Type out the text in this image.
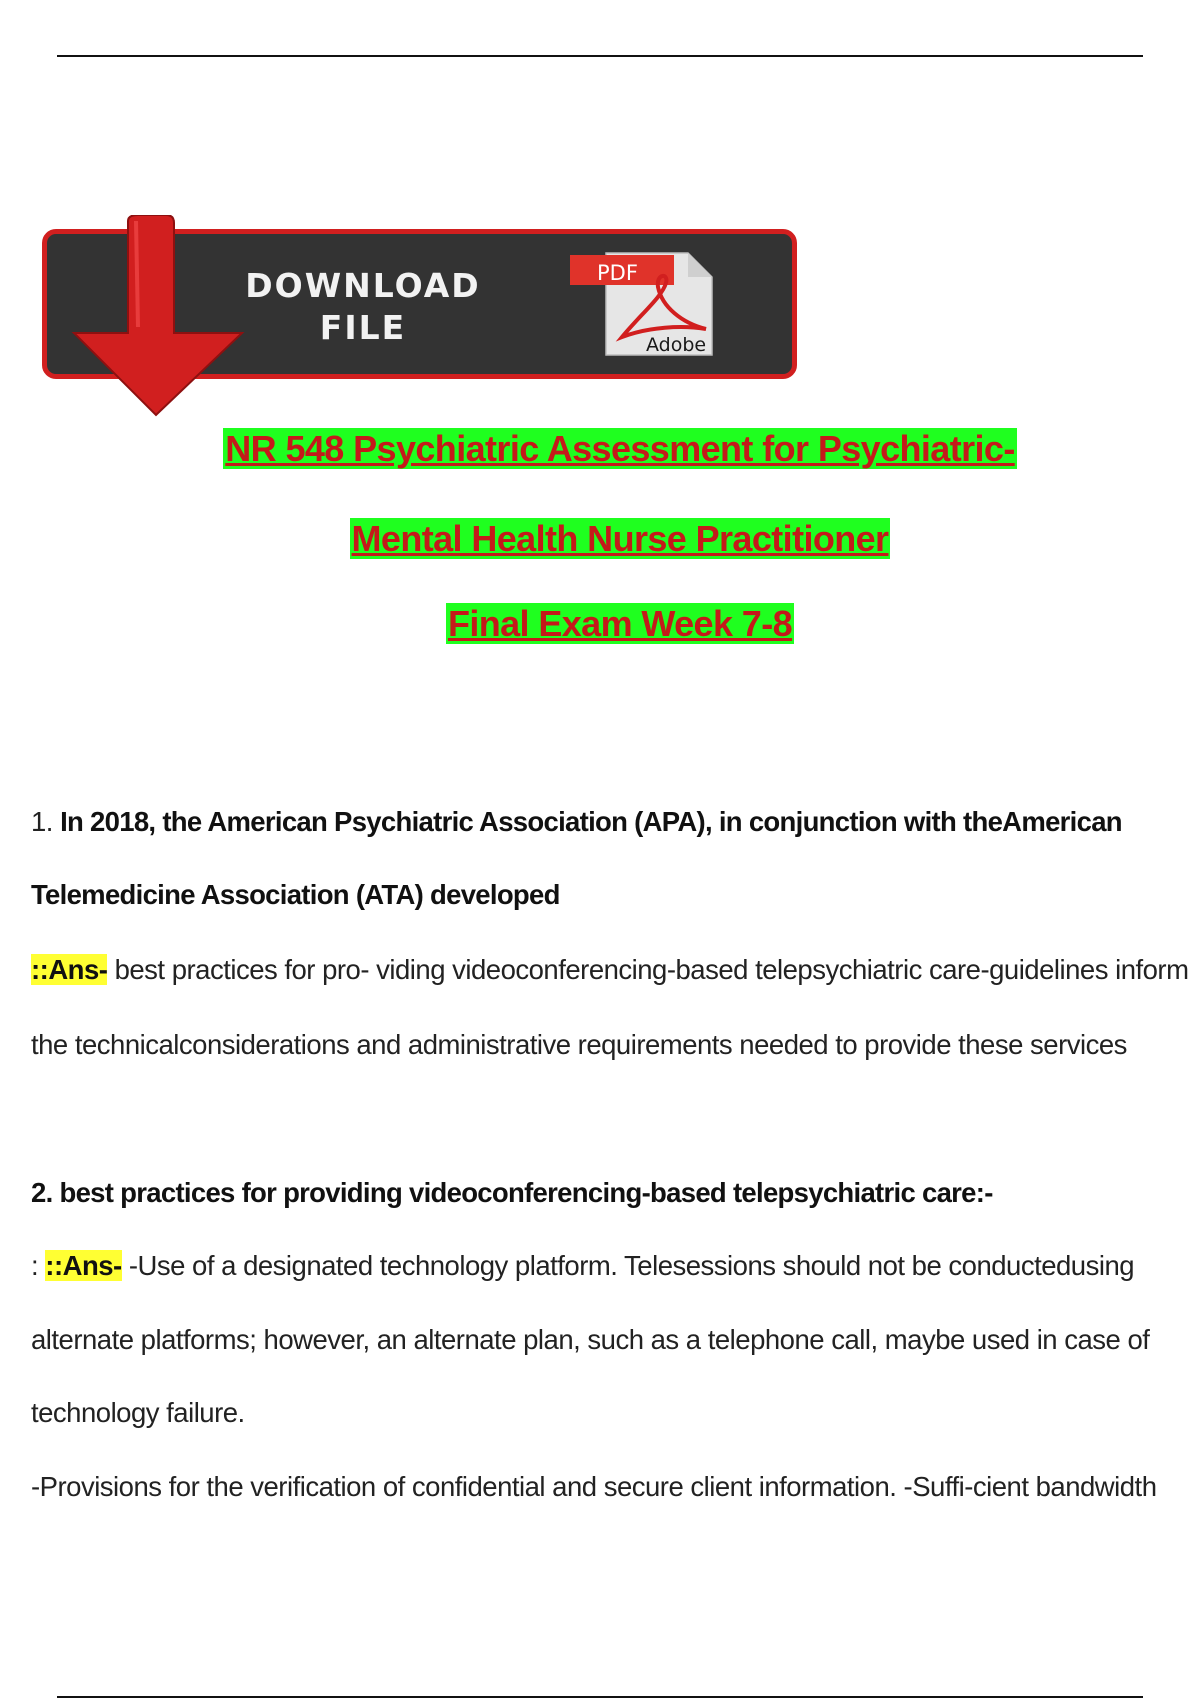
DOWNLOAD
FILE
PDF
Adobe
NR 548 Psychiatric Assessment for Psychiatric-
Mental Health Nurse Practitioner
Final Exam Week 7-8
1. In 2018, the American Psychiatric Association (APA), in conjunction with theAmerican
Telemedicine Association (ATA) developed
::Ans- best practices for pro- viding videoconferencing-based telepsychiatric care-guidelines inform
the technicalconsiderations and administrative requirements needed to provide these services
2. best practices for providing videoconferencing-based telepsychiatric care:-
: ::Ans- -Use of a designated technology platform. Telesessions should not be conductedusing
alternate platforms; however, an alternate plan, such as a telephone call, maybe used in case of
technology failure.
-Provisions for the verification of confidential and secure client information. -Suffi-cient bandwidth
